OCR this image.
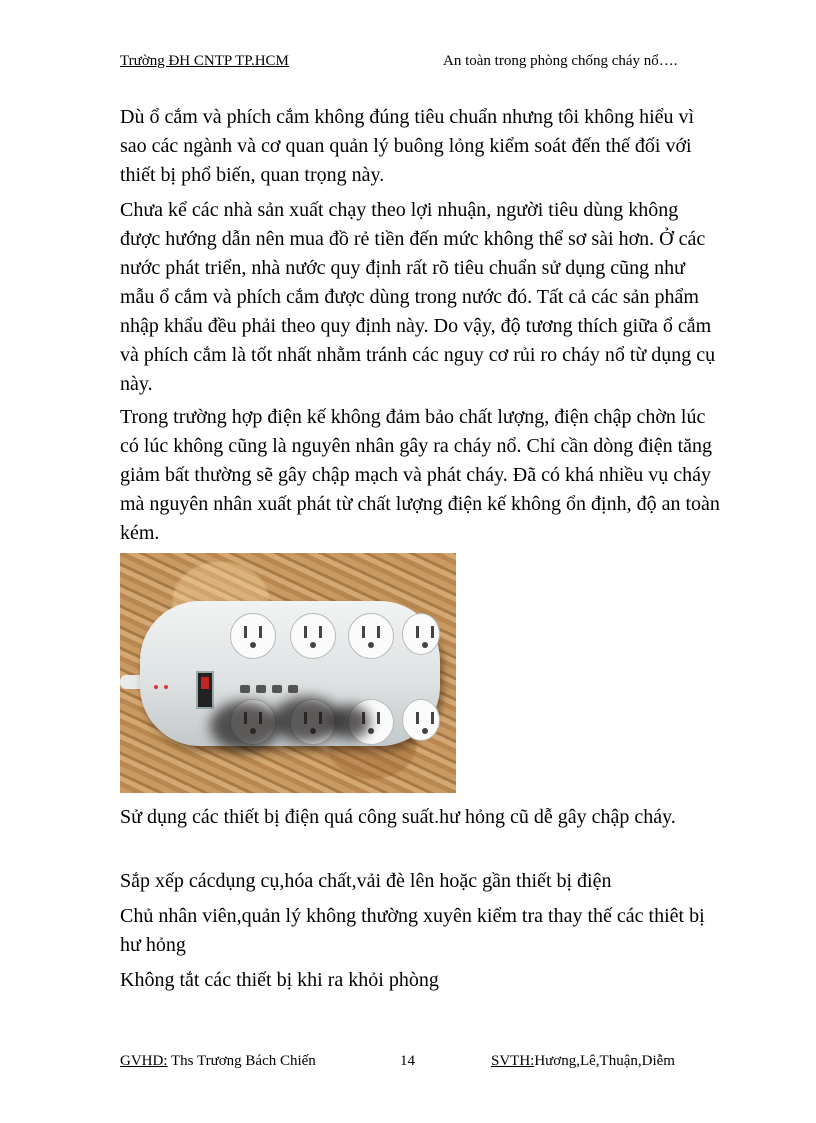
Trường ĐH CNTP TP.HCM	An toàn trong phòng chống cháy nổ….
Dù ổ cắm và phích cắm không đúng tiêu chuẩn nhưng tôi không hiểu vì sao các ngành và cơ quan quản lý buông lỏng kiểm soát đến thế đối với thiết bị phổ biến, quan trọng này.
Chưa kể các nhà sản xuất chạy theo lợi nhuận, người tiêu dùng không được hướng dẫn nên mua đồ rẻ tiền đến mức không thể sơ sài hơn. Ở các nước phát triển, nhà nước quy định rất rõ tiêu chuẩn sử dụng cũng như mẫu ổ cắm và phích cắm được dùng trong nước đó. Tất cả các sản phẩm nhập khẩu đều phải theo quy định này. Do vậy, độ tương thích giữa ổ cắm và phích cắm là tốt nhất nhằm tránh các nguy cơ rủi ro cháy nổ từ dụng cụ này.
Trong trường hợp điện kế không đảm bảo chất lượng, điện chập chờn lúc có lúc không cũng là nguyên nhân gây ra cháy nổ. Chỉ cần dòng điện tăng giảm bất thường sẽ gây chập mạch và phát cháy. Đã có khá nhiều vụ cháy mà nguyên nhân xuất phát từ chất lượng điện kế không ổn định, độ an toàn kém.
Sử dụng các thiết bị điện quá công suất.hư hỏng cũ dễ gây chập cháy.
Sắp xếp cácdụng cụ,hóa chất,vải đè lên hoặc gần thiết bị điện
Chủ nhân viên,quản lý không thường xuyên kiểm tra thay thế các thiêt bị hư hỏng
Không tắt các thiết bị khi ra khỏi phòng
GVHD: Ths Trương Bách Chiến	14	SVTH:Hương,Lê,Thuận,Diễm
